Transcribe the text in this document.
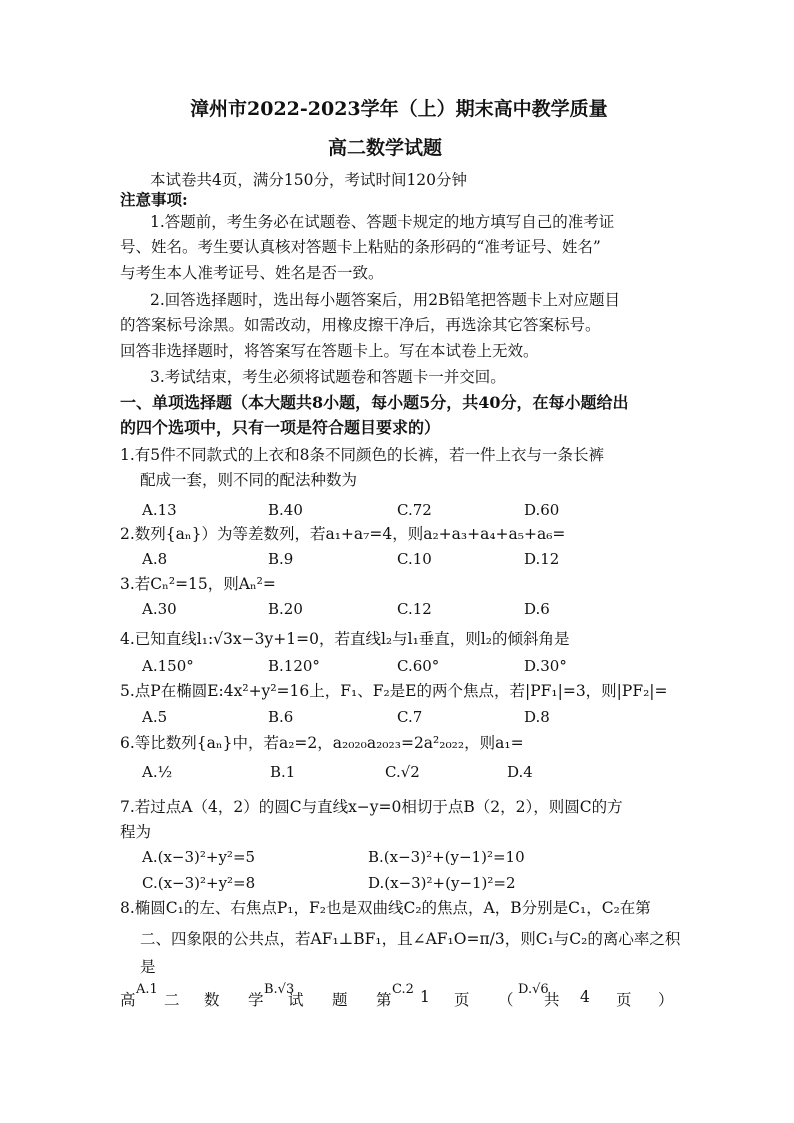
漳州市2022-2023学年（上）期末高中教学质量
高二数学试题
本试卷共4页，满分150分，考试时间120分钟
注意事项:
1.答题前，考生务必在试题卷、答题卡规定的地方填写自己的准考证
号、姓名。考生要认真核对答题卡上粘贴的条形码的“准考证号、姓名”
与考生本人准考证号、姓名是否一致。
2.回答选择题时，选出每小题答案后，用2B铅笔把答题卡上对应题目
的答案标号涂黑。如需改动，用橡皮擦干净后，再选涂其它答案标号。
回答非选择题时，将答案写在答题卡上。写在本试卷上无效。
3.考试结束，考生必须将试题卷和答题卡一并交回。
一、单项选择题（本大题共8小题，每小题5分，共40分，在每小题给出
的四个选项中，只有一项是符合题目要求的）
1.有5件不同款式的上衣和8条不同颜色的长裤，若一件上衣与一条长裤
配成一套，则不同的配法种数为
A.13	B.40	C.72	D.60
2.数列{aₙ}）为等差数列，若a₁+a₇=4，则a₂+a₃+a₄+a₅+a₆=
A.8	B.9	C.10	D.12
3.若Cₙ²=15，则Aₙ²=
A.30	B.20	C.12	D.6
4.已知直线l₁:√3x−3y+1=0，若直线l₂与l₁垂直，则l₂的倾斜角是
A.150°	B.120°	C.60°	D.30°
5.点P在椭圆E:4x²+y²=16上，F₁、F₂是E的两个焦点，若|PF₁|=3，则|PF₂|=
A.5	B.6	C.7	D.8
6.等比数列{aₙ}中，若a₂=2，a₂₀₂₀a₂₀₂₃=2a²₂₀₂₂，则a₁=
A.½	B.1	C.√2	D.4
7.若过点A（4，2）的圆C与直线x−y=0相切于点B（2，2），则圆C的方
程为
A.(x−3)²+y²=5	B.(x−3)²+(y−1)²=10
C.(x−3)²+y²=8	D.(x−3)²+(y−1)²=2
8.椭圆C₁的左、右焦点P₁，F₂也是双曲线C₂的焦点，A，B分别是C₁，C₂在第
二、四象限的公共点，若AF₁⊥BF₁，且∠AF₁O=π/3，则C₁与C₂的离心率之积
是
高
A.1
二 数 学
B.√3
试 题 第
C.2 1 页 （
D.√6
共 4 页 ）
